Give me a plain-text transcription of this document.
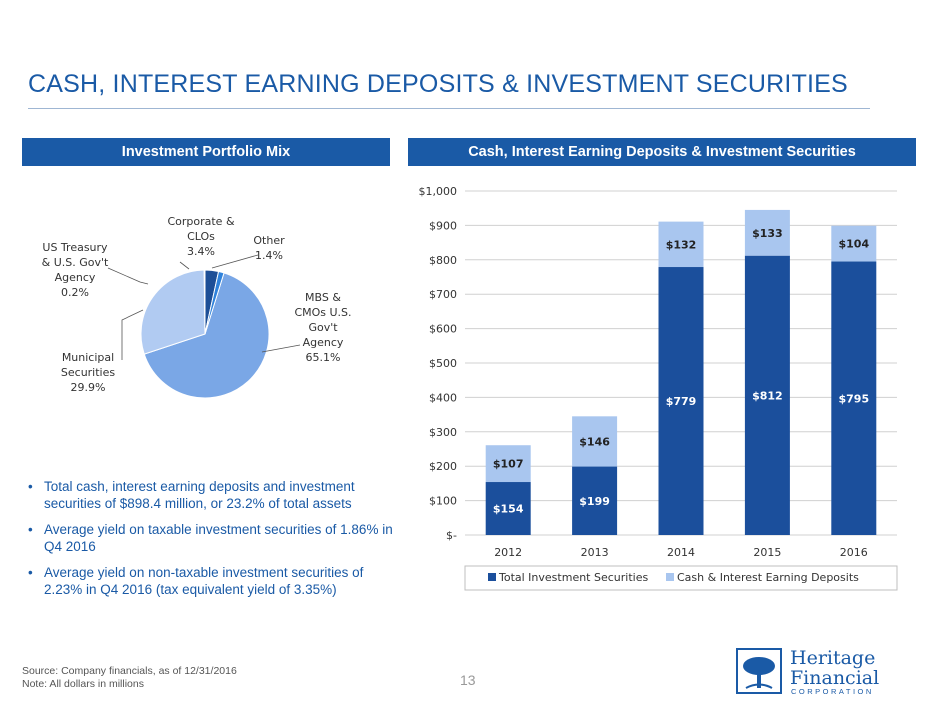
CASH, INTEREST EARNING DEPOSITS & INVESTMENT SECURITIES
Investment Portfolio Mix	Cash, Interest Earning Deposits & Investment Securities
MBS &
CMOs U.S.
Gov't
Agency
65.1%
Municipal
Securities
29.9%
US Treasury
& U.S. Gov't
Agency
0.2%
Corporate &
CLOs
3.4%
Other
1.4%
• Total cash, interest earning deposits and investment securities of $898.4 million, or 23.2% of total assets
• Average yield on taxable investment securities of 1.86% in Q4 2016
• Average yield on non-taxable investment securities of 2.23% in Q4 2016 (tax equivalent yield of 3.35%)
$-
$100
$200
$300
$400
$500
$600
$700
$800
$900
$1,000
$154
$107
2012
$199
$146
2013
$779
$132
2014
$812
$133
2015
$795
$104
2016
Total Investment Securities	Cash & Interest Earning Deposits
Source: Company financials, as of 12/31/2016
Note: All dollars in millions	13
Heritage
Financial
CORPORATION
